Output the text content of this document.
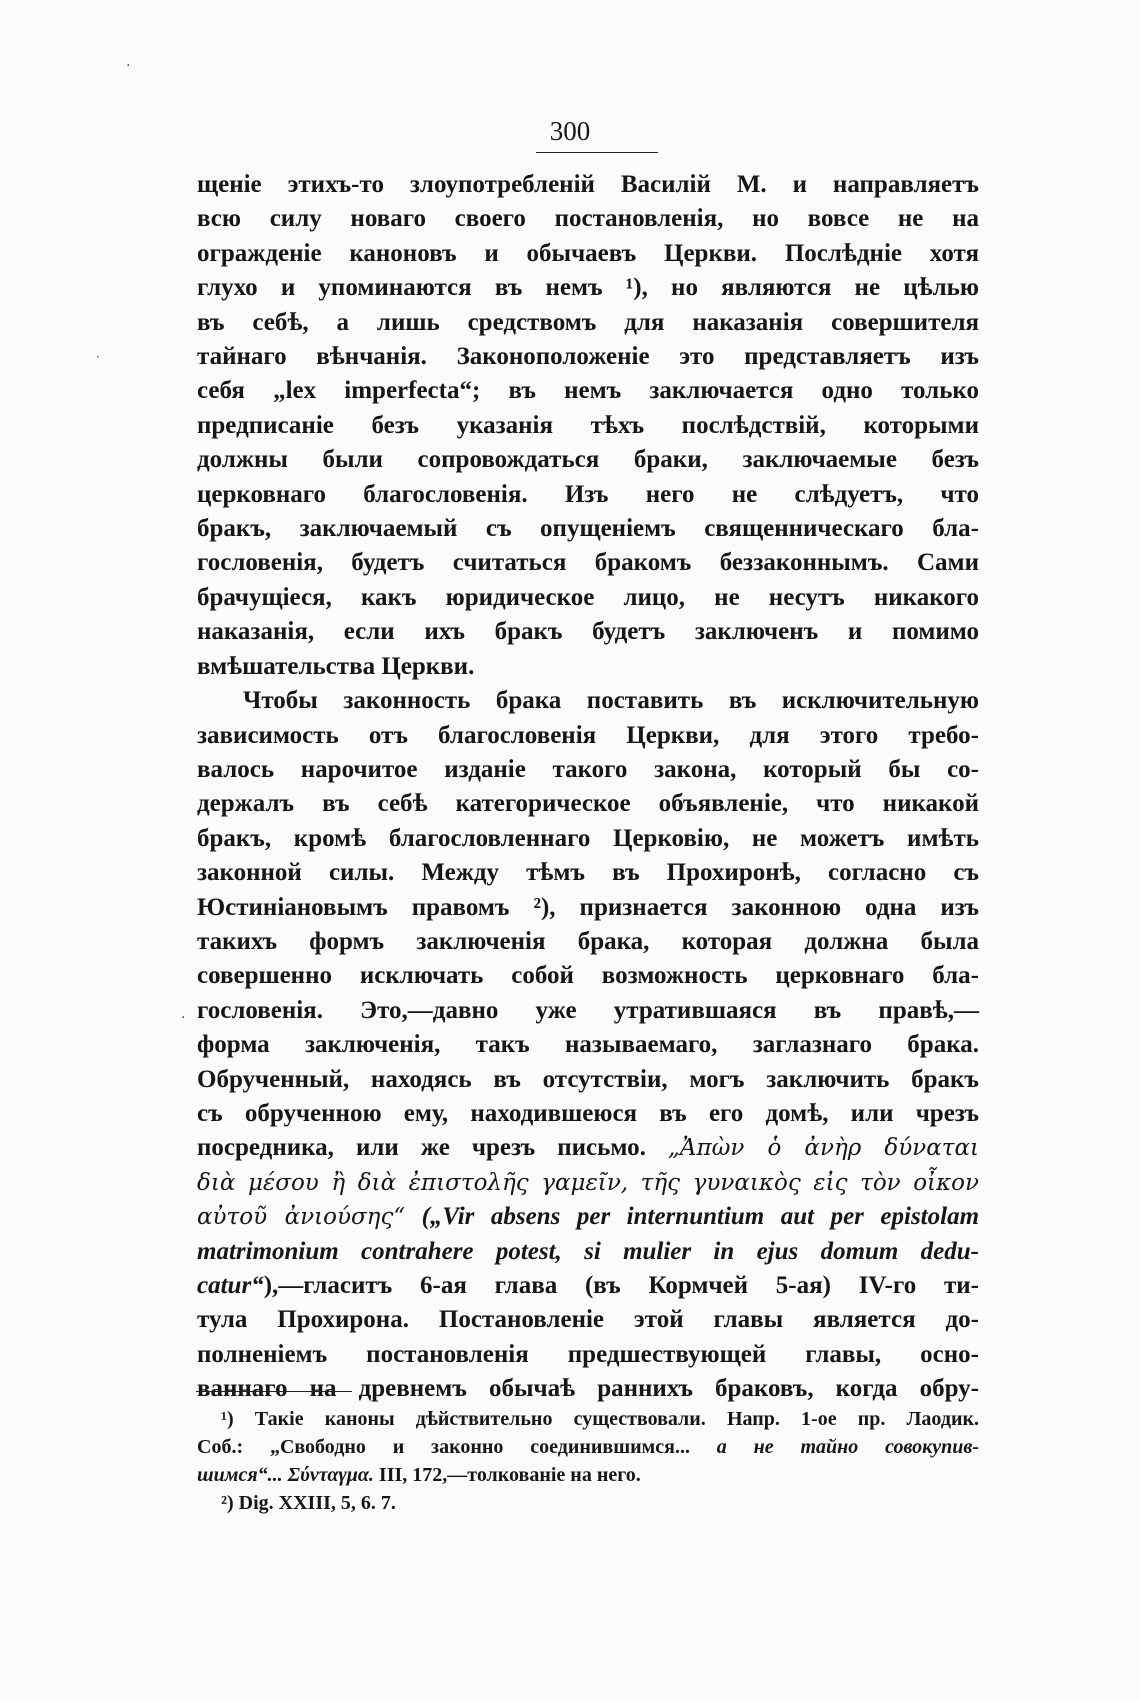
300
щеніе этихъ-то злоупотребленій Василій М. и направляетъ
всю силу новаго своего постановленія, но вовсе не на
огражденіе каноновъ и обычаевъ Церкви. Послѣдніе хотя
глухо и упоминаются въ немъ ¹), но являются не цѣлью
въ себѣ, а лишь средствомъ для наказанія совершителя
тайнаго вѣнчанія. Законоположеніе это представляетъ изъ
себя „lex imperfecta“; въ немъ заключается одно только
предписаніе безъ указанія тѣхъ послѣдствій, которыми
должны были сопровождаться браки, заключаемые безъ
церковнаго благословенія. Изъ него не слѣдуетъ, что
бракъ, заключаемый съ опущеніемъ священническаго бла-
гословенія, будетъ считаться бракомъ беззаконнымъ. Сами
брачущіеся, какъ юридическое лицо, не несутъ никакого
наказанія, если ихъ бракъ будетъ заключенъ и помимо
вмѣшательства Церкви.
Чтобы законность брака поставить въ исключительную
зависимость отъ благословенія Церкви, для этого требо-
валось нарочитое изданіе такого закона, который бы со-
держалъ въ себѣ категорическое объявленіе, что никакой
бракъ, кромѣ благословленнаго Церковію, не можетъ имѣть
законной силы. Между тѣмъ въ Прохиронѣ, согласно съ
Юстиніановымъ правомъ ²), признается законною одна изъ
такихъ формъ заключенія брака, которая должна была
совершенно исключать собой возможность церковнаго бла-
гословенія. Это,—давно уже утратившаяся въ правѣ,—
форма заключенія, такъ называемаго, заглазнаго брака.
Обрученный, находясь въ отсутствіи, могъ заключить бракъ
съ обрученною ему, находившеюся въ его домѣ, или чрезъ
посредника, или же чрезъ письмо. „Ἀπὼν ὁ ἀνὴρ δύναται
διὰ μέσου ἢ διὰ ἐπιστολῆς γαμεῖν, τῆς γυναικὸς εἰς τὸν οἶκον
αὐτοῦ ἀνιούσης“ („Vir absens per internuntium aut per epistolam
matrimonium contrahere potest, si mulier in ejus domum dedu-
catur“),—гласитъ 6-ая глава (въ Кормчей 5-ая) IV-го ти-
тула Прохирона. Постановленіе этой главы является до-
полненіемъ постановленія предшествующей главы, осно-
ваннаго на древнемъ обычаѣ раннихъ браковъ, когда обру-
¹) Такіе каноны дѣйствительно существовали. Напр. 1-ое пр. Лаодик.
Соб.: „Свободно и законно соединившимся... а не тайно совокупив-
шимся“... Σύνταγμα. III, 172,—толкованіе на него.
²) Dig. XXIII, 5, 6. 7.
·
·
·
